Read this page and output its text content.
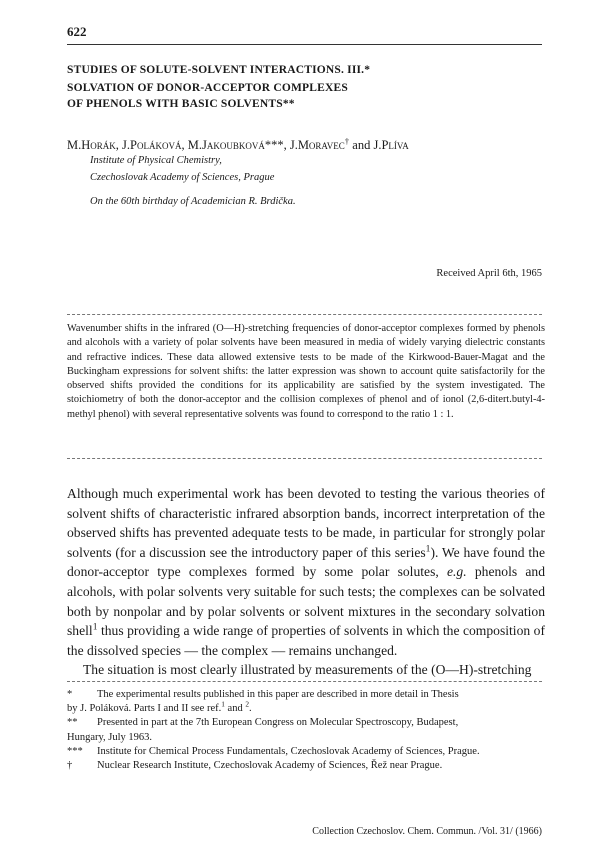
622
STUDIES OF SOLUTE-SOLVENT INTERACTIONS. III.*
SOLVATION OF DONOR-ACCEPTOR COMPLEXES
OF PHENOLS WITH BASIC SOLVENTS**
M.Horák, J.Poláková, M.Jakoubková***, J.Moravec† and J.Plíva
Institute of Physical Chemistry,
Czechoslovak Academy of Sciences, Prague
On the 60th birthday of Academician R. Brdička.
Received April 6th, 1965

Wavenumber shifts in the infrared (O—H)-stretching frequencies of donor-acceptor complexes formed by phenols and alcohols with a variety of polar solvents have been measured in media of widely varying dielectric constants and refractive indices. These data allowed extensive tests to be made of the Kirkwood-Bauer-Magat and the Buckingham expressions for solvent shifts: the latter expression was shown to account quite satisfactorily for the observed shifts provided the conditions for its applicability are satisfied by the system investigated. The stoichiometry of both the donor-acceptor and the collision complexes of phenol and of ionol (2,6-ditert.butyl-4-methyl phenol) with several representative solvents was found to correspond to the ratio 1 : 1.

Although much experimental work has been devoted to testing the various theories of solvent shifts of characteristic infrared absorption bands, incorrect interpretation of the observed shifts has prevented adequate tests to be made, in particular for strongly polar solvents (for a discussion see the introductory paper of this series$^1$). We have found the donor-acceptor type complexes formed by some polar solutes, e.g. phenols and alcohols, with polar solvents very suitable for such tests; the complexes can be solvated both by nonpolar and by polar solvents or solvent mixtures in the secondary solvation shell$^1$ thus providing a wide range of properties of solvents in which the composition of the dissolved species — the complex — remains unchanged.

The situation is most clearly illustrated by measurements of the (O—H)-stretching

* The experimental results published in this paper are described in more detail in Thesis

by J. Poláková. Parts I and II see ref.$^1$ and $^2$.

** Presented in part at the 7th European Congress on Molecular Spectroscopy, Budapest,

Hungary, July 1963.

*** Institute for Chemical Process Fundamentals, Czechoslovak Academy of Sciences, Prague.

† Nuclear Research Institute, Czechoslovak Academy of Sciences, Řež near Prague.

Collection Czechoslov. Chem. Commun. /Vol. 31/ (1966)
